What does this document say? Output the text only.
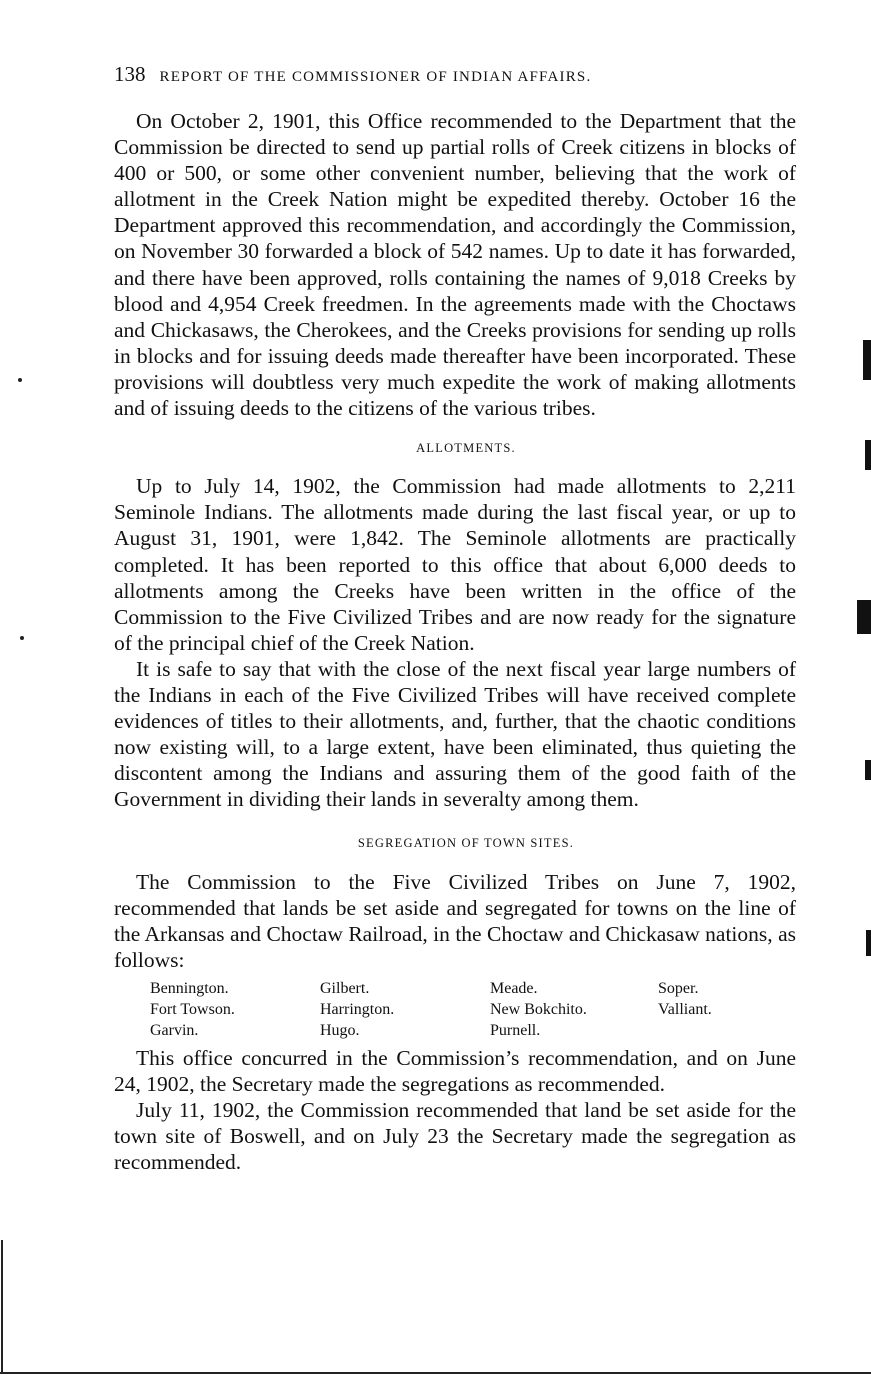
138 REPORT OF THE COMMISSIONER OF INDIAN AFFAIRS.

On October 2, 1901, this Office recommended to the Department that the Commission be directed to send up partial rolls of Creek citizens in blocks of 400 or 500, or some other convenient number, believing that the work of allotment in the Creek Nation might be expedited thereby. October 16 the Department approved this recommendation, and accordingly the Commission, on November 30 forwarded a block of 542 names. Up to date it has forwarded, and there have been approved, rolls containing the names of 9,018 Creeks by blood and 4,954 Creek freedmen. In the agreements made with the Choctaws and Chickasaws, the Cherokees, and the Creeks provisions for sending up rolls in blocks and for issuing deeds made thereafter have been incorporated. These provisions will doubtless very much expedite the work of making allotments and of issuing deeds to the citizens of the various tribes.

ALLOTMENTS.

Up to July 14, 1902, the Commission had made allotments to 2,211 Seminole Indians. The allotments made during the last fiscal year, or up to August 31, 1901, were 1,842. The Seminole allotments are practically completed. It has been reported to this office that about 6,000 deeds to allotments among the Creeks have been written in the office of the Commission to the Five Civilized Tribes and are now ready for the signature of the principal chief of the Creek Nation.

It is safe to say that with the close of the next fiscal year large numbers of the Indians in each of the Five Civilized Tribes will have received complete evidences of titles to their allotments, and, further, that the chaotic conditions now existing will, to a large extent, have been eliminated, thus quieting the discontent among the Indians and assuring them of the good faith of the Government in dividing their lands in severalty among them.

SEGREGATION OF TOWN SITES.

The Commission to the Five Civilized Tribes on June 7, 1902, recommended that lands be set aside and segregated for towns on the line of the Arkansas and Choctaw Railroad, in the Choctaw and Chickasaw nations, as follows:

Bennington.	Gilbert.	Meade.	Soper.
Fort Towson.	Harrington.	New Bokchito.	Valliant.
Garvin.	Hugo.	Purnell.

This office concurred in the Commission’s recommendation, and on June 24, 1902, the Secretary made the segregations as recommended.

July 11, 1902, the Commission recommended that land be set aside for the town site of Boswell, and on July 23 the Secretary made the segregation as recommended.
